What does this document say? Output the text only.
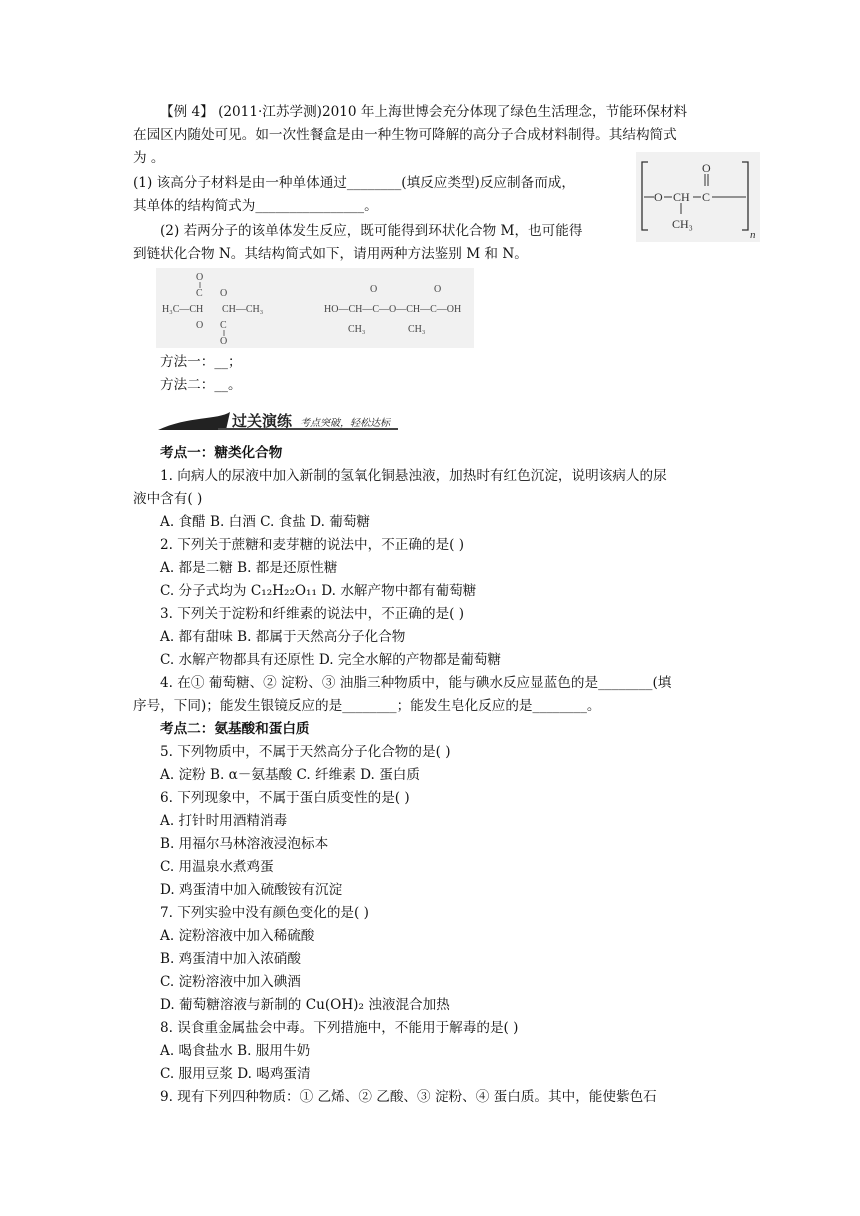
【例 4】 (2011·江苏学测)2010 年上海世博会充分体现了绿色生活理念，节能环保材料
在园区内随处可见。如一次性餐盒是由一种生物可降解的高分子合成材料制得。其结构简式
为 。
(1) 该高分子材料是由一种单体通过________(填反应类型)反应制备而成，
其单体的结构简式为________________。
(2) 若两分子的该单体发生反应，既可能得到环状化合物 M，也可能得
到链状化合物 N。其结构简式如下，请用两种方法鉴别 M 和 N。
O CH C
O
CH₃
n
O
C O
H₃C—CH CH—CH₃
O C
O
HO—CH—C—O—CH—C—OH
O	O
CH₃	CH₃
方法一：__；
方法二：__。
过关演练 考点突破，轻松达标
考点一：糖类化合物
1. 向病人的尿液中加入新制的氢氧化铜悬浊液，加热时有红色沉淀，说明该病人的尿
液中含有( )
A. 食醋 B. 白酒 C. 食盐 D. 葡萄糖
2. 下列关于蔗糖和麦芽糖的说法中，不正确的是( )
A. 都是二糖 B. 都是还原性糖
C. 分子式均为 C₁₂H₂₂O₁₁ D. 水解产物中都有葡萄糖
3. 下列关于淀粉和纤维素的说法中，不正确的是( )
A. 都有甜味 B. 都属于天然高分子化合物
C. 水解产物都具有还原性 D. 完全水解的产物都是葡萄糖
4. 在① 葡萄糖、② 淀粉、③ 油脂三种物质中，能与碘水反应显蓝色的是________(填
序号，下同)；能发生银镜反应的是________；能发生皂化反应的是________。
考点二：氨基酸和蛋白质
5. 下列物质中，不属于天然高分子化合物的是( )
A. 淀粉 B. α－氨基酸 C. 纤维素 D. 蛋白质
6. 下列现象中，不属于蛋白质变性的是( )
A. 打针时用酒精消毒
B. 用福尔马林溶液浸泡标本
C. 用温泉水煮鸡蛋
D. 鸡蛋清中加入硫酸铵有沉淀
7. 下列实验中没有颜色变化的是( )
A. 淀粉溶液中加入稀硫酸
B. 鸡蛋清中加入浓硝酸
C. 淀粉溶液中加入碘酒
D. 葡萄糖溶液与新制的 Cu(OH)₂ 浊液混合加热
8. 误食重金属盐会中毒。下列措施中，不能用于解毒的是( )
A. 喝食盐水 B. 服用牛奶
C. 服用豆浆 D. 喝鸡蛋清
9. 现有下列四种物质：① 乙烯、② 乙酸、③ 淀粉、④ 蛋白质。其中，能使紫色石
